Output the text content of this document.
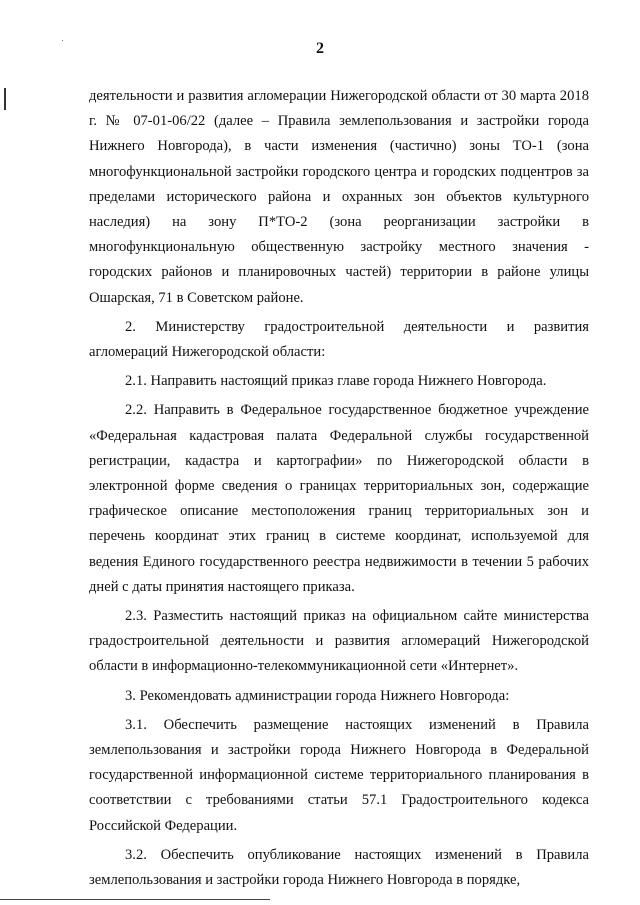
2

деятельности и развития агломерации Нижегородской области от 30 марта 2018 г. № 07-01-06/22 (далее – Правила землепользования и застройки города Нижнего Новгорода), в части изменения (частично) зоны ТО-1 (зона многофункциональной застройки городского центра и городских подцентров за пределами исторического района и охранных зон объектов культурного наследия) на зону П*ТО-2 (зона реорганизации застройки в многофункциональную общественную застройку местного значения - городских районов и планировочных частей) территории в районе улицы Ошарская, 71 в Советском районе.

2. Министерству градостроительной деятельности и развития агломераций Нижегородской области:

2.1. Направить настоящий приказ главе города Нижнего Новгорода.

2.2. Направить в Федеральное государственное бюджетное учреждение «Федеральная кадастровая палата Федеральной службы государственной регистрации, кадастра и картографии» по Нижегородской области в электронной форме сведения о границах территориальных зон, содержащие графическое описание местоположения границ территориальных зон и перечень координат этих границ в системе координат, используемой для ведения Единого государственного реестра недвижимости в течении 5 рабочих дней с даты принятия настоящего приказа.

2.3. Разместить настоящий приказ на официальном сайте министерства градостроительной деятельности и развития агломераций Нижегородской области в информационно-телекоммуникационной сети «Интернет».

3. Рекомендовать администрации города Нижнего Новгорода:

3.1. Обеспечить размещение настоящих изменений в Правила землепользования и застройки города Нижнего Новгорода в Федеральной государственной информационной системе территориального планирования в соответствии с требованиями статьи 57.1 Градостроительного кодекса Российской Федерации.

3.2. Обеспечить опубликование настоящих изменений в Правила землепользования и застройки города Нижнего Новгорода в порядке,
